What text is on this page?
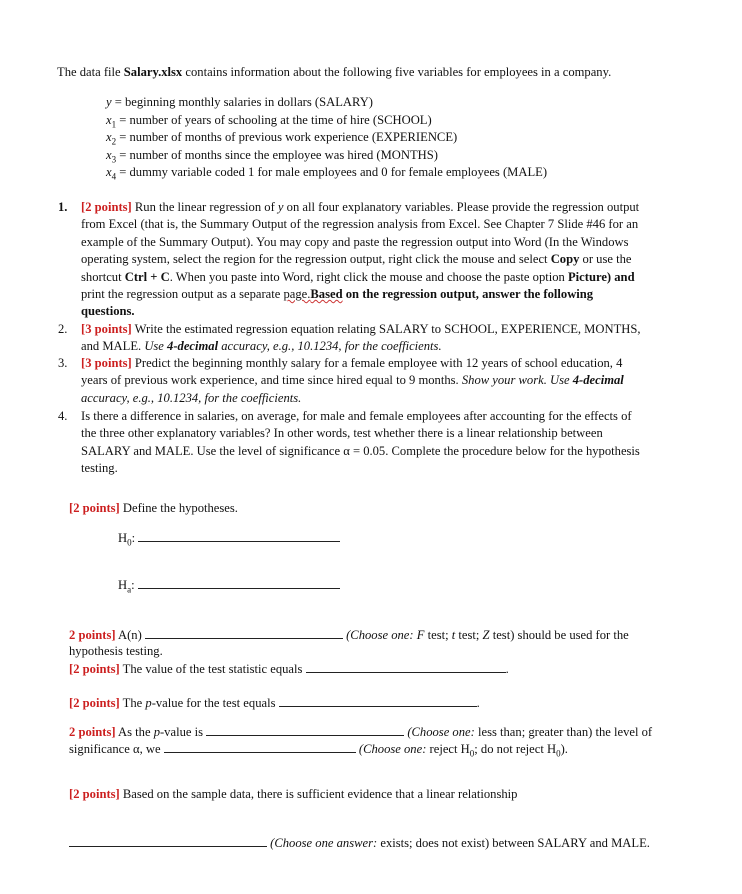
The data file Salary.xlsx contains information about the following five variables for employees in a company.
y = beginning monthly salaries in dollars (SALARY)
$x_1$ = number of years of schooling at the time of hire (SCHOOL)
$x_2$ = number of months of previous work experience (EXPERIENCE)
$x_3$ = number of months since the employee was hired (MONTHS)
$x_4$ = dummy variable coded 1 for male employees and 0 for female employees (MALE)
1.	[2 points] Run the linear regression of y on all four explanatory variables. Please provide the regression output
from Excel (that is, the Summary Output of the regression analysis from Excel. See Chapter 7 Slide #46 for an
example of the Summary Output). You may copy and paste the regression output into Word (In the Windows
operating system, select the region for the regression output, right click the mouse and select Copy or use the
shortcut Ctrl + C. When you paste into Word, right click the mouse and choose the paste option Picture) and
print the regression output as a separate page.Based on the regression output, answer the following
questions.
2.	[3 points] Write the estimated regression equation relating SALARY to SCHOOL, EXPERIENCE, MONTHS,
and MALE. Use 4-decimal accuracy, e.g., 10.1234, for the coefficients.
3.	[3 points] Predict the beginning monthly salary for a female employee with 12 years of school education, 4
years of previous work experience, and time since hired equal to 9 months. Show your work. Use 4-decimal
accuracy, e.g., 10.1234, for the coefficients.
4.	Is there a difference in salaries, on average, for male and female employees after accounting for the effects of
the three other explanatory variables? In other words, test whether there is a linear relationship between
SALARY and MALE. Use the level of significance α = 0.05. Complete the procedure below for the hypothesis
testing.
[2 points] Define the hypotheses.
$H_0$:
$H_a$:
2 points] A(n)	(Choose one: F test; t test; Z test) should be used for the
hypothesis testing.
[2 points] The value of the test statistic equals	.
[2 points] The p-value for the test equals	.
2 points] As the p-value is	(Choose one: less than; greater than) the level of
significance α, we	(Choose one: reject $H_0$; do not reject $H_0$).
[2 points] Based on the sample data, there is sufficient evidence that a linear relationship
(Choose one answer: exists; does not exist) between SALARY and MALE.
